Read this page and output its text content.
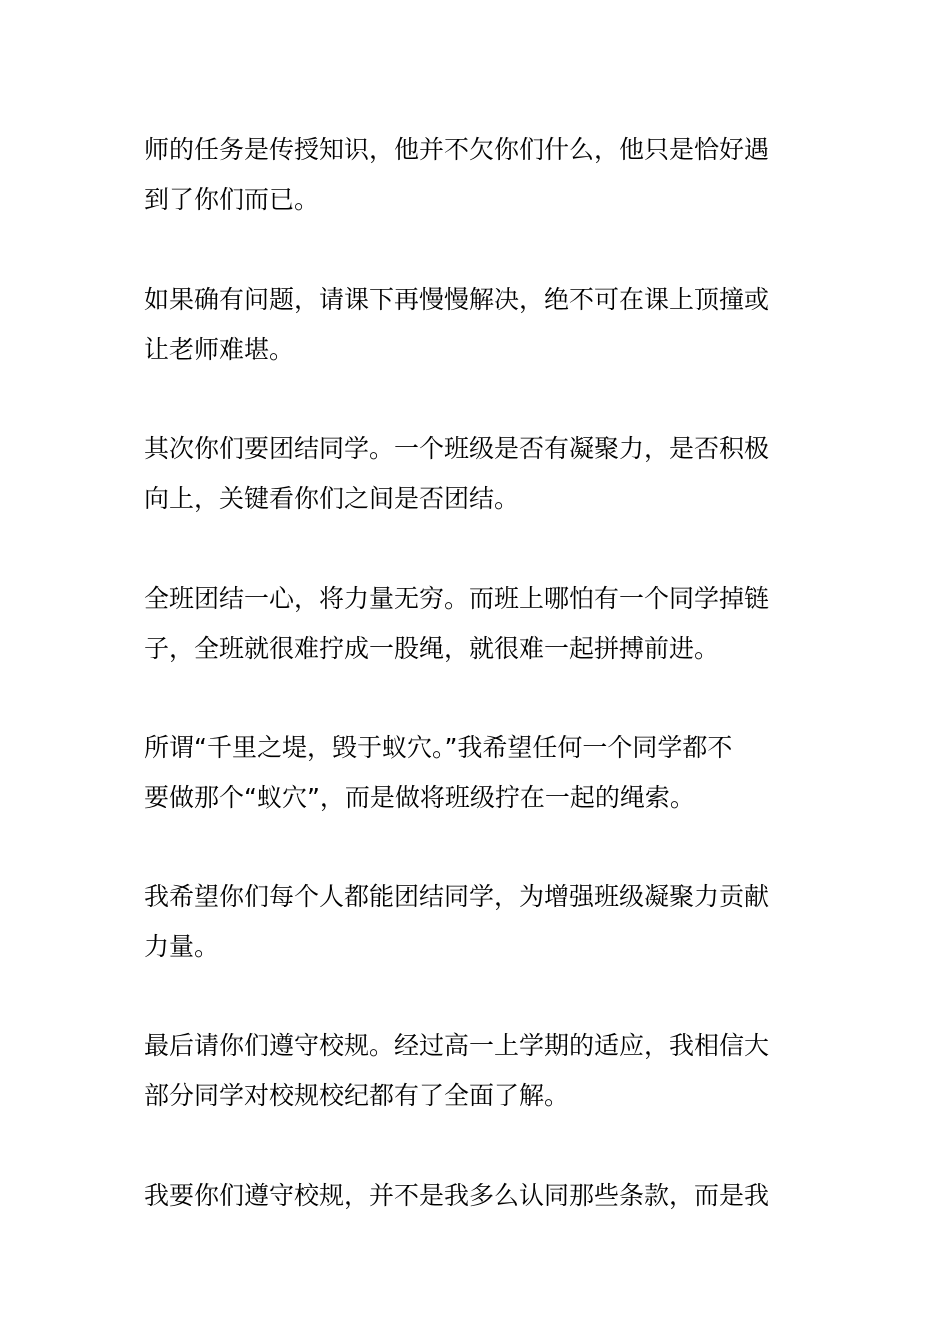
师的任务是传授知识，他并不欠你们什么，他只是恰好遇
到了你们而已。

如果确有问题，请课下再慢慢解决，绝不可在课上顶撞或
让老师难堪。

其次你们要团结同学。一个班级是否有凝聚力，是否积极
向上，关键看你们之间是否团结。

全班团结一心，将力量无穷。而班上哪怕有一个同学掉链
子，全班就很难拧成一股绳，就很难一起拼搏前进。

所谓“千里之堤，毁于蚁穴。”我希望任何一个同学都不
要做那个“蚁穴”，而是做将班级拧在一起的绳索。

我希望你们每个人都能团结同学，为增强班级凝聚力贡献
力量。

最后请你们遵守校规。经过高一上学期的适应，我相信大
部分同学对校规校纪都有了全面了解。

我要你们遵守校规，并不是我多么认同那些条款，而是我
